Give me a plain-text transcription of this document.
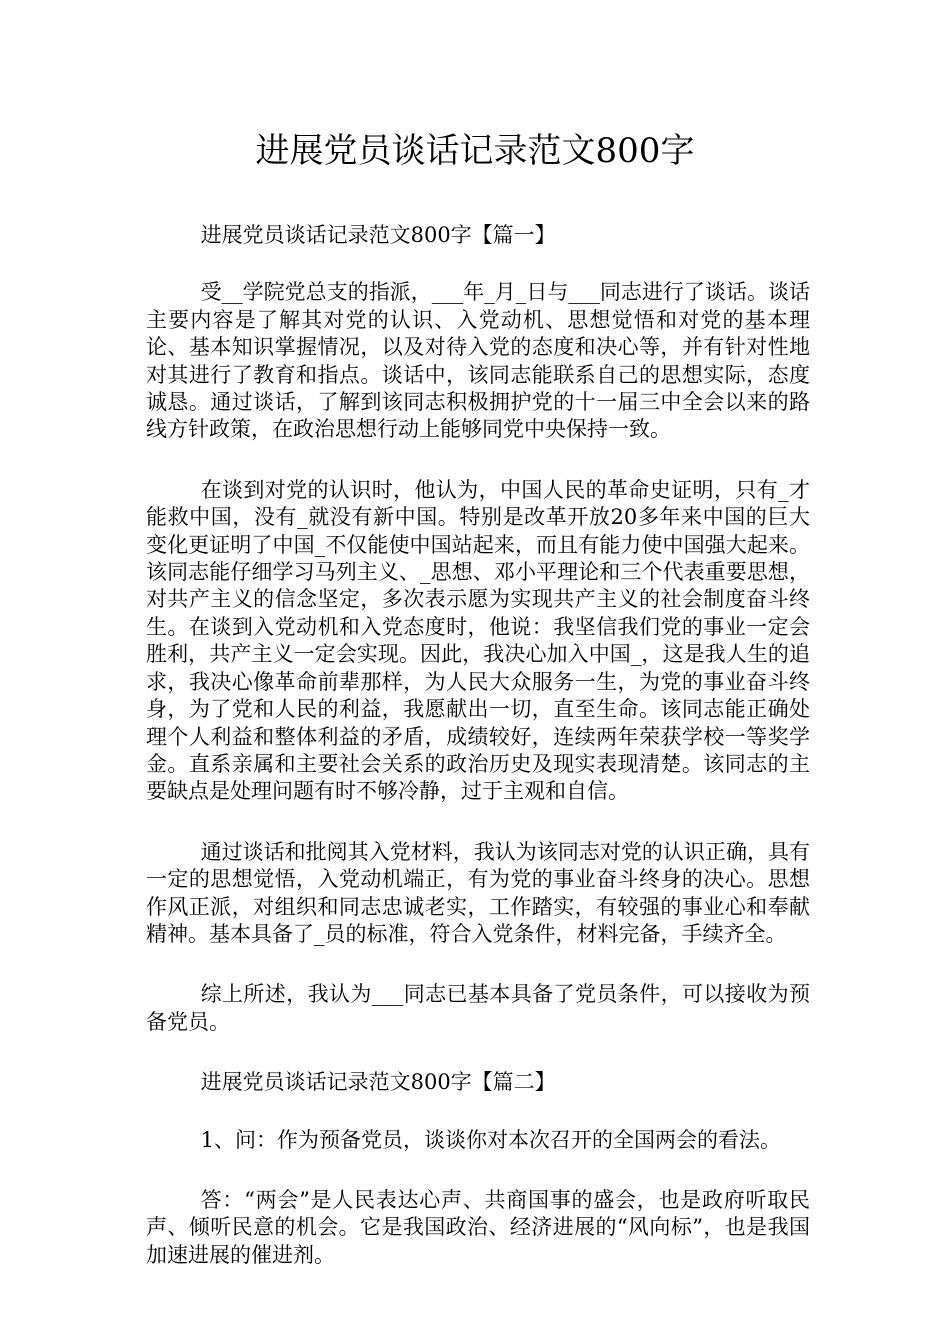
进展党员谈话记录范文800字

进展党员谈话记录范文800字【篇一】

受__学院党总支的指派，___年_月_日与___同志进行了谈话。谈话主要内容是了解其对党的认识、入党动机、思想觉悟和对党的基本理论、基本知识掌握情况，以及对待入党的态度和决心等，并有针对性地对其进行了教育和指点。谈话中，该同志能联系自己的思想实际，态度诚恳。通过谈话，了解到该同志积极拥护党的十一届三中全会以来的路线方针政策，在政治思想行动上能够同党中央保持一致。

在谈到对党的认识时，他认为，中国人民的革命史证明，只有_才能救中国，没有_就没有新中国。特别是改革开放20多年来中国的巨大变化更证明了中国_不仅能使中国站起来，而且有能力使中国强大起来。该同志能仔细学习马列主义、_思想、邓小平理论和三个代表重要思想，对共产主义的信念坚定，多次表示愿为实现共产主义的社会制度奋斗终生。在谈到入党动机和入党态度时，他说：我坚信我们党的事业一定会胜利，共产主义一定会实现。因此，我决心加入中国_，这是我人生的追求，我决心像革命前辈那样，为人民大众服务一生，为党的事业奋斗终身，为了党和人民的利益，我愿献出一切，直至生命。该同志能正确处理个人利益和整体利益的矛盾，成绩较好，连续两年荣获学校一等奖学金。直系亲属和主要社会关系的政治历史及现实表现清楚。该同志的主要缺点是处理问题有时不够冷静，过于主观和自信。

通过谈话和批阅其入党材料，我认为该同志对党的认识正确，具有一定的思想觉悟，入党动机端正，有为党的事业奋斗终身的决心。思想作风正派，对组织和同志忠诚老实，工作踏实，有较强的事业心和奉献精神。基本具备了_员的标准，符合入党条件，材料完备，手续齐全。

综上所述，我认为___同志已基本具备了党员条件，可以接收为预备党员。

进展党员谈话记录范文800字【篇二】

1、问：作为预备党员，谈谈你对本次召开的全国两会的看法。

答：“两会”是人民表达心声、共商国事的盛会，也是政府听取民声、倾听民意的机会。它是我国政治、经济进展的“风向标”，也是我国加速进展的催进剂。
